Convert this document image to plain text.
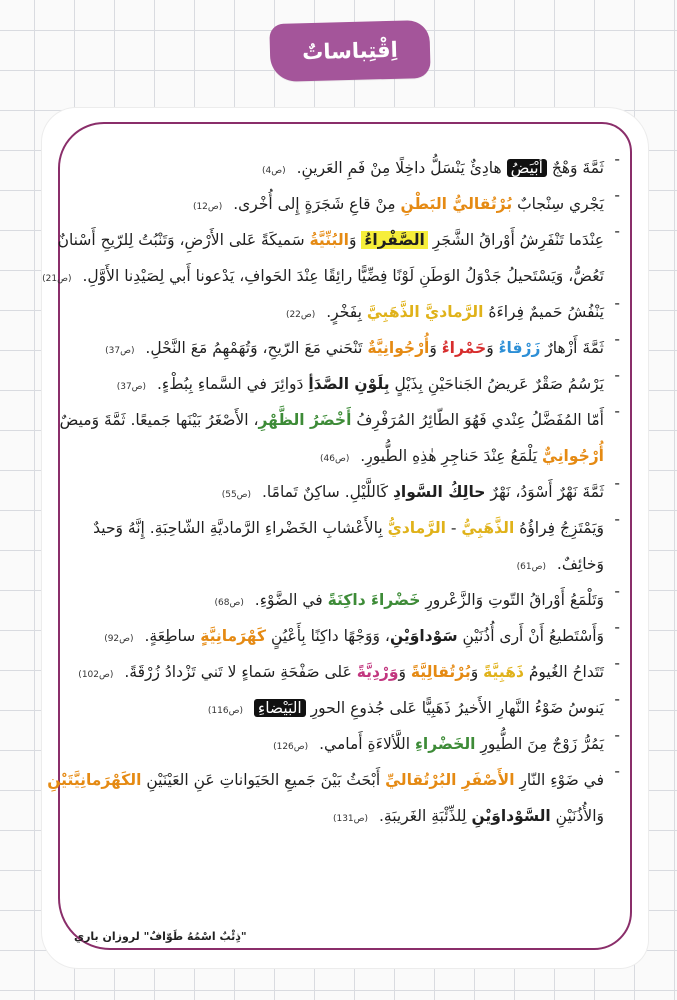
اِقْتِباساتٌ
- ثَمَّةَ وَهْجٌ أَبْيَضُ هادِئٌ يَنْسَلُّ داخِلًا مِنْ فَمِ العَرينِ. (ص4)
- يَجْري سِنْجابٌ بُرْتُقاليُّ البَطْنِ مِنْ قاعِ شَجَرَةٍ إِلى أُخْرى. (ص12)
- عِنْدَما تَنْفَرِشُ أَوْراقُ الشَّجَرِ الصَّفْراءُ وَالبُنِّيَّةُ سَميكَةً عَلى الأَرْضِ، وَتَنْبُتُ لِلرّيحِ أَسْنانٌ
تَعُضُّ، وَيَسْتَحيلُ جَدْوَلُ الوَطَنِ لَوْنًا فِضِّيًّا رائِقًا عِنْدَ الحَوافِ، يَدْعونا أَبي لِصَيْدِنا الأَوَّلِ. (ص21)
- يَنْفُشُ حَميمٌ فِراءَهُ الرَّماديَّ الذَّهَبِيَّ بِفَخْرٍ. (ص22)
- ثَمَّةَ أَزْهارٌ زَرْقاءُ وَحَمْراءُ وَأُرْجُوانِيَّةٌ تَنْحَني مَعَ الرّيحِ، وَتُهَمْهِمُ مَعَ النَّحْلِ. (ص37)
- يَرْسُمُ صَقْرٌ عَريضُ الجَناحَيْنِ بِذَيْلٍ بِلَوْنِ الصَّدَأِ دَوائِرَ في السَّماءِ بِبُطْءٍ. (ص37)
- أَمّا المُفَضَّلُ عِنْدي فَهُوَ الطّائِرُ المُرَفْرِفُ أَخْضَرُ الظَّهْرِ، الأَصْغَرُ بَيْنَها جَميعًا. ثَمَّةَ وَميضٌ
أُرْجُوانِيٌّ يَلْمَعُ عِنْدَ حَناجِرِ هٰذِهِ الطُّيورِ. (ص46)
- ثَمَّةَ نَهْرٌ أَسْوَدُ، نَهْرٌ حالِكُ السَّوادِ كَاللَّيْلِ. ساكِنٌ تَمامًا. (ص55)
- وَيَمْتَزِجُ فِراؤُهُ الذَّهَبِيُّ - الرَّماديُّ بِالأَعْشابِ الخَضْراءِ الرَّماديَّةِ الشّاحِبَةِ. إِنَّهُ وَحيدٌ
وَخائِفٌ. (ص61)
- وَتَلْمَعُ أَوْراقُ التّوتِ وَالزَّعْرورِ خَضْراءَ داكِنَةً في الضَّوْءِ. (ص68)
- وَأَسْتَطيعُ أَنْ أَرى أُذُنَيْنِ سَوْداوَيْنِ، وَوَجْهًا داكِنًا بِأَعْيُنٍ كَهْرَمانِيَّةٍ ساطِعَةٍ. (ص92)
- تَتَداحُ الغُيومُ ذَهَبِيَّةً وَبُرْتُقالِيَّةً وَوَرْدِيَّةً عَلى صَفْحَةِ سَماءٍ لا تَني تَزْدادُ زُرْقَةً. (ص102)
- يَنوسُ ضَوْءُ النَّهارِ الأَخيرُ ذَهَبِيًّا عَلى جُذوعِ الحورِ البَيْضاءِ (ص116)
- يَمُرُّ زَوْجٌ مِنَ الطُّيورِ الخَضْراءِ اللَّألاءَةِ أَمامي. (ص126)
- في ضَوْءِ النّارِ الأَصْفَرِ البُرْتُقاليِّ أَبْحَثُ بَيْنَ جَميعِ الحَيَواناتِ عَنِ العَيْنَيْنِ الكَهْرَمانِيَّتَيْنِ
وَالأُذُنَيْنِ السَّوْداوَيْنِ لِلذِّئْبَةِ الغَريبَةِ. (ص131)
"ذِئْبٌ اسْمُهُ طَوّافٌ" لروزان باري
